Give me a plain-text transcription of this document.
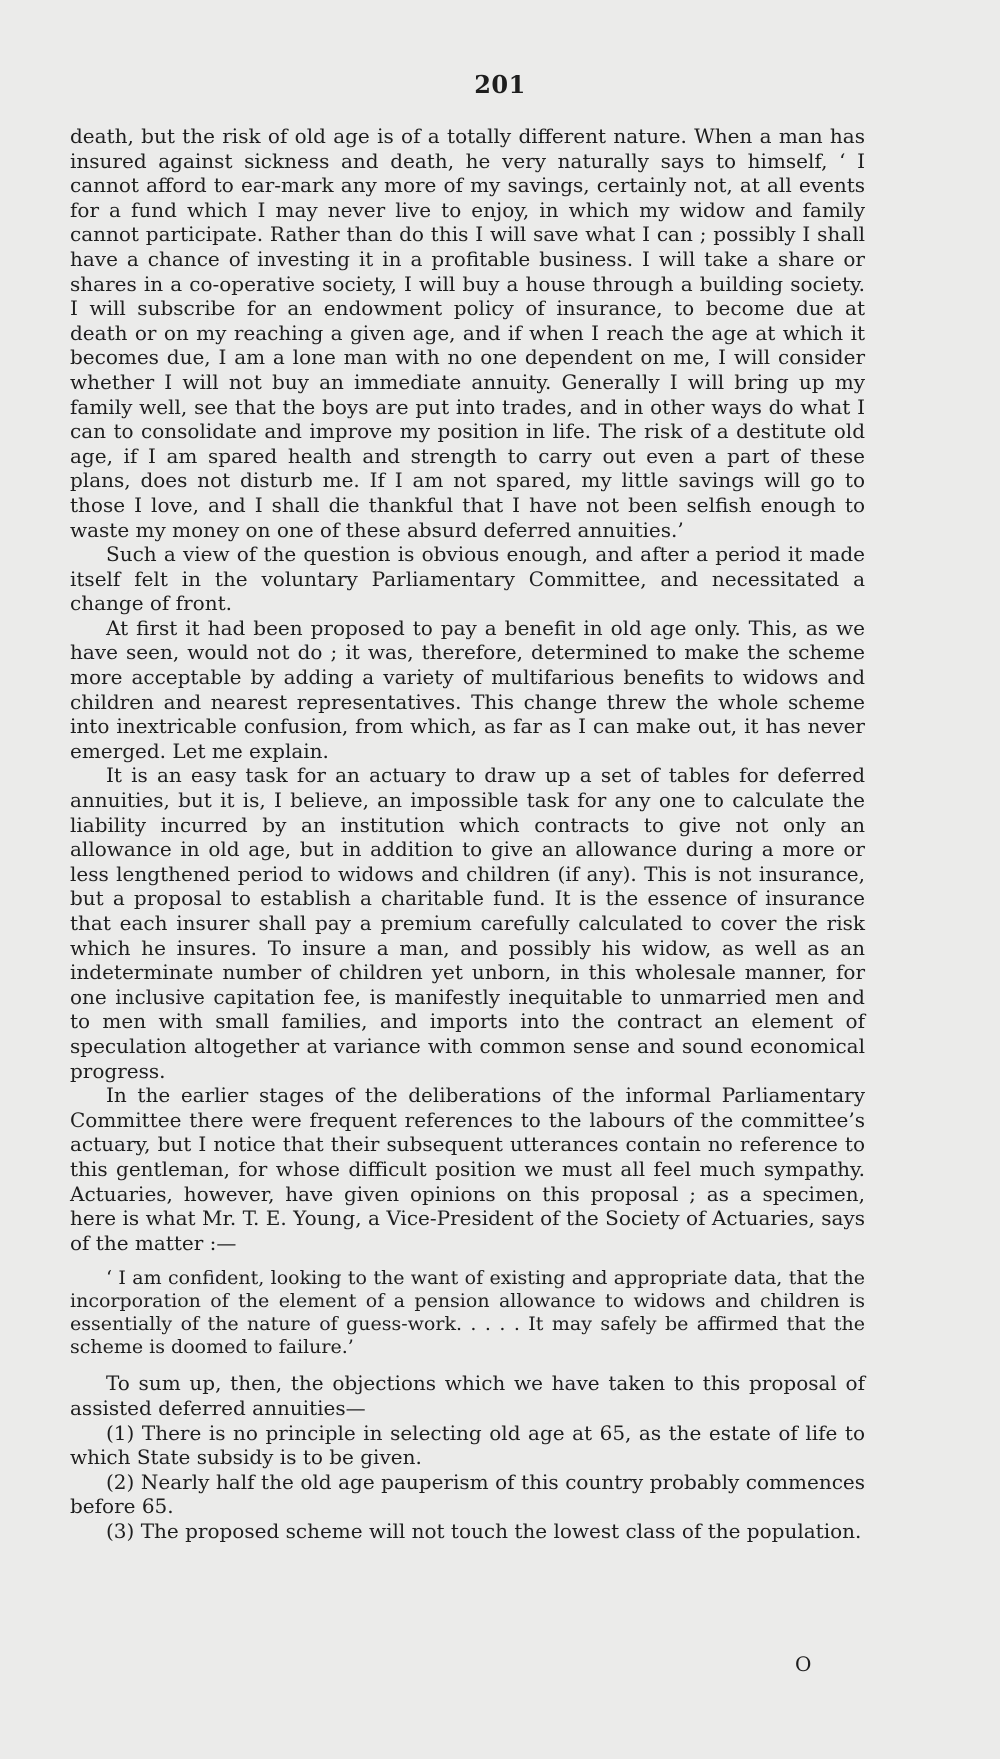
201

death, but the risk of old age is of a totally different nature. When a man has insured against sickness and death, he very naturally says to himself, ‘ I cannot afford to ear-mark any more of my savings, certainly not, at all events for a fund which I may never live to enjoy, in which my widow and family cannot participate. Rather than do this I will save what I can ; possibly I shall have a chance of investing it in a profitable business. I will take a share or shares in a co-operative society, I will buy a house through a building society. I will subscribe for an endowment policy of insurance, to become due at death or on my reaching a given age, and if when I reach the age at which it becomes due, I am a lone man with no one dependent on me, I will consider whether I will not buy an immediate annuity. Generally I will bring up my family well, see that the boys are put into trades, and in other ways do what I can to consolidate and improve my position in life. The risk of a destitute old age, if I am spared health and strength to carry out even a part of these plans, does not disturb me. If I am not spared, my little savings will go to those I love, and I shall die thankful that I have not been selfish enough to waste my money on one of these absurd deferred annuities.’

Such a view of the question is obvious enough, and after a period it made itself felt in the voluntary Parliamentary Committee, and necessitated a change of front.

At first it had been proposed to pay a benefit in old age only. This, as we have seen, would not do ; it was, therefore, determined to make the scheme more acceptable by adding a variety of multifarious benefits to widows and children and nearest representatives. This change threw the whole scheme into inextricable confusion, from which, as far as I can make out, it has never emerged. Let me explain.

It is an easy task for an actuary to draw up a set of tables for deferred annuities, but it is, I believe, an impossible task for any one to calculate the liability incurred by an institution which contracts to give not only an allowance in old age, but in addition to give an allowance during a more or less lengthened period to widows and children (if any). This is not insurance, but a proposal to establish a charitable fund. It is the essence of insurance that each insurer shall pay a premium carefully calculated to cover the risk which he insures. To insure a man, and possibly his widow, as well as an indeterminate number of children yet unborn, in this wholesale manner, for one inclusive capitation fee, is manifestly inequitable to unmarried men and to men with small families, and imports into the contract an element of speculation altogether at variance with common sense and sound economical progress.

In the earlier stages of the deliberations of the informal Parliamentary Committee there were frequent references to the labours of the committee’s actuary, but I notice that their subsequent utterances contain no reference to this gentleman, for whose difficult position we must all feel much sympathy. Actuaries, however, have given opinions on this proposal ; as a specimen, here is what Mr. T. E. Young, a Vice-President of the Society of Actuaries, says of the matter :—

‘ I am confident, looking to the want of existing and appropriate data, that the incorporation of the element of a pension allowance to widows and children is essentially of the nature of guess-work. . . . . It may safely be affirmed that the scheme is doomed to failure.’

To sum up, then, the objections which we have taken to this proposal of assisted deferred annuities—

(1) There is no principle in selecting old age at 65, as the estate of life to which State subsidy is to be given.

(2) Nearly half the old age pauperism of this country probably commences before 65.

(3) The proposed scheme will not touch the lowest class of the population.

O
